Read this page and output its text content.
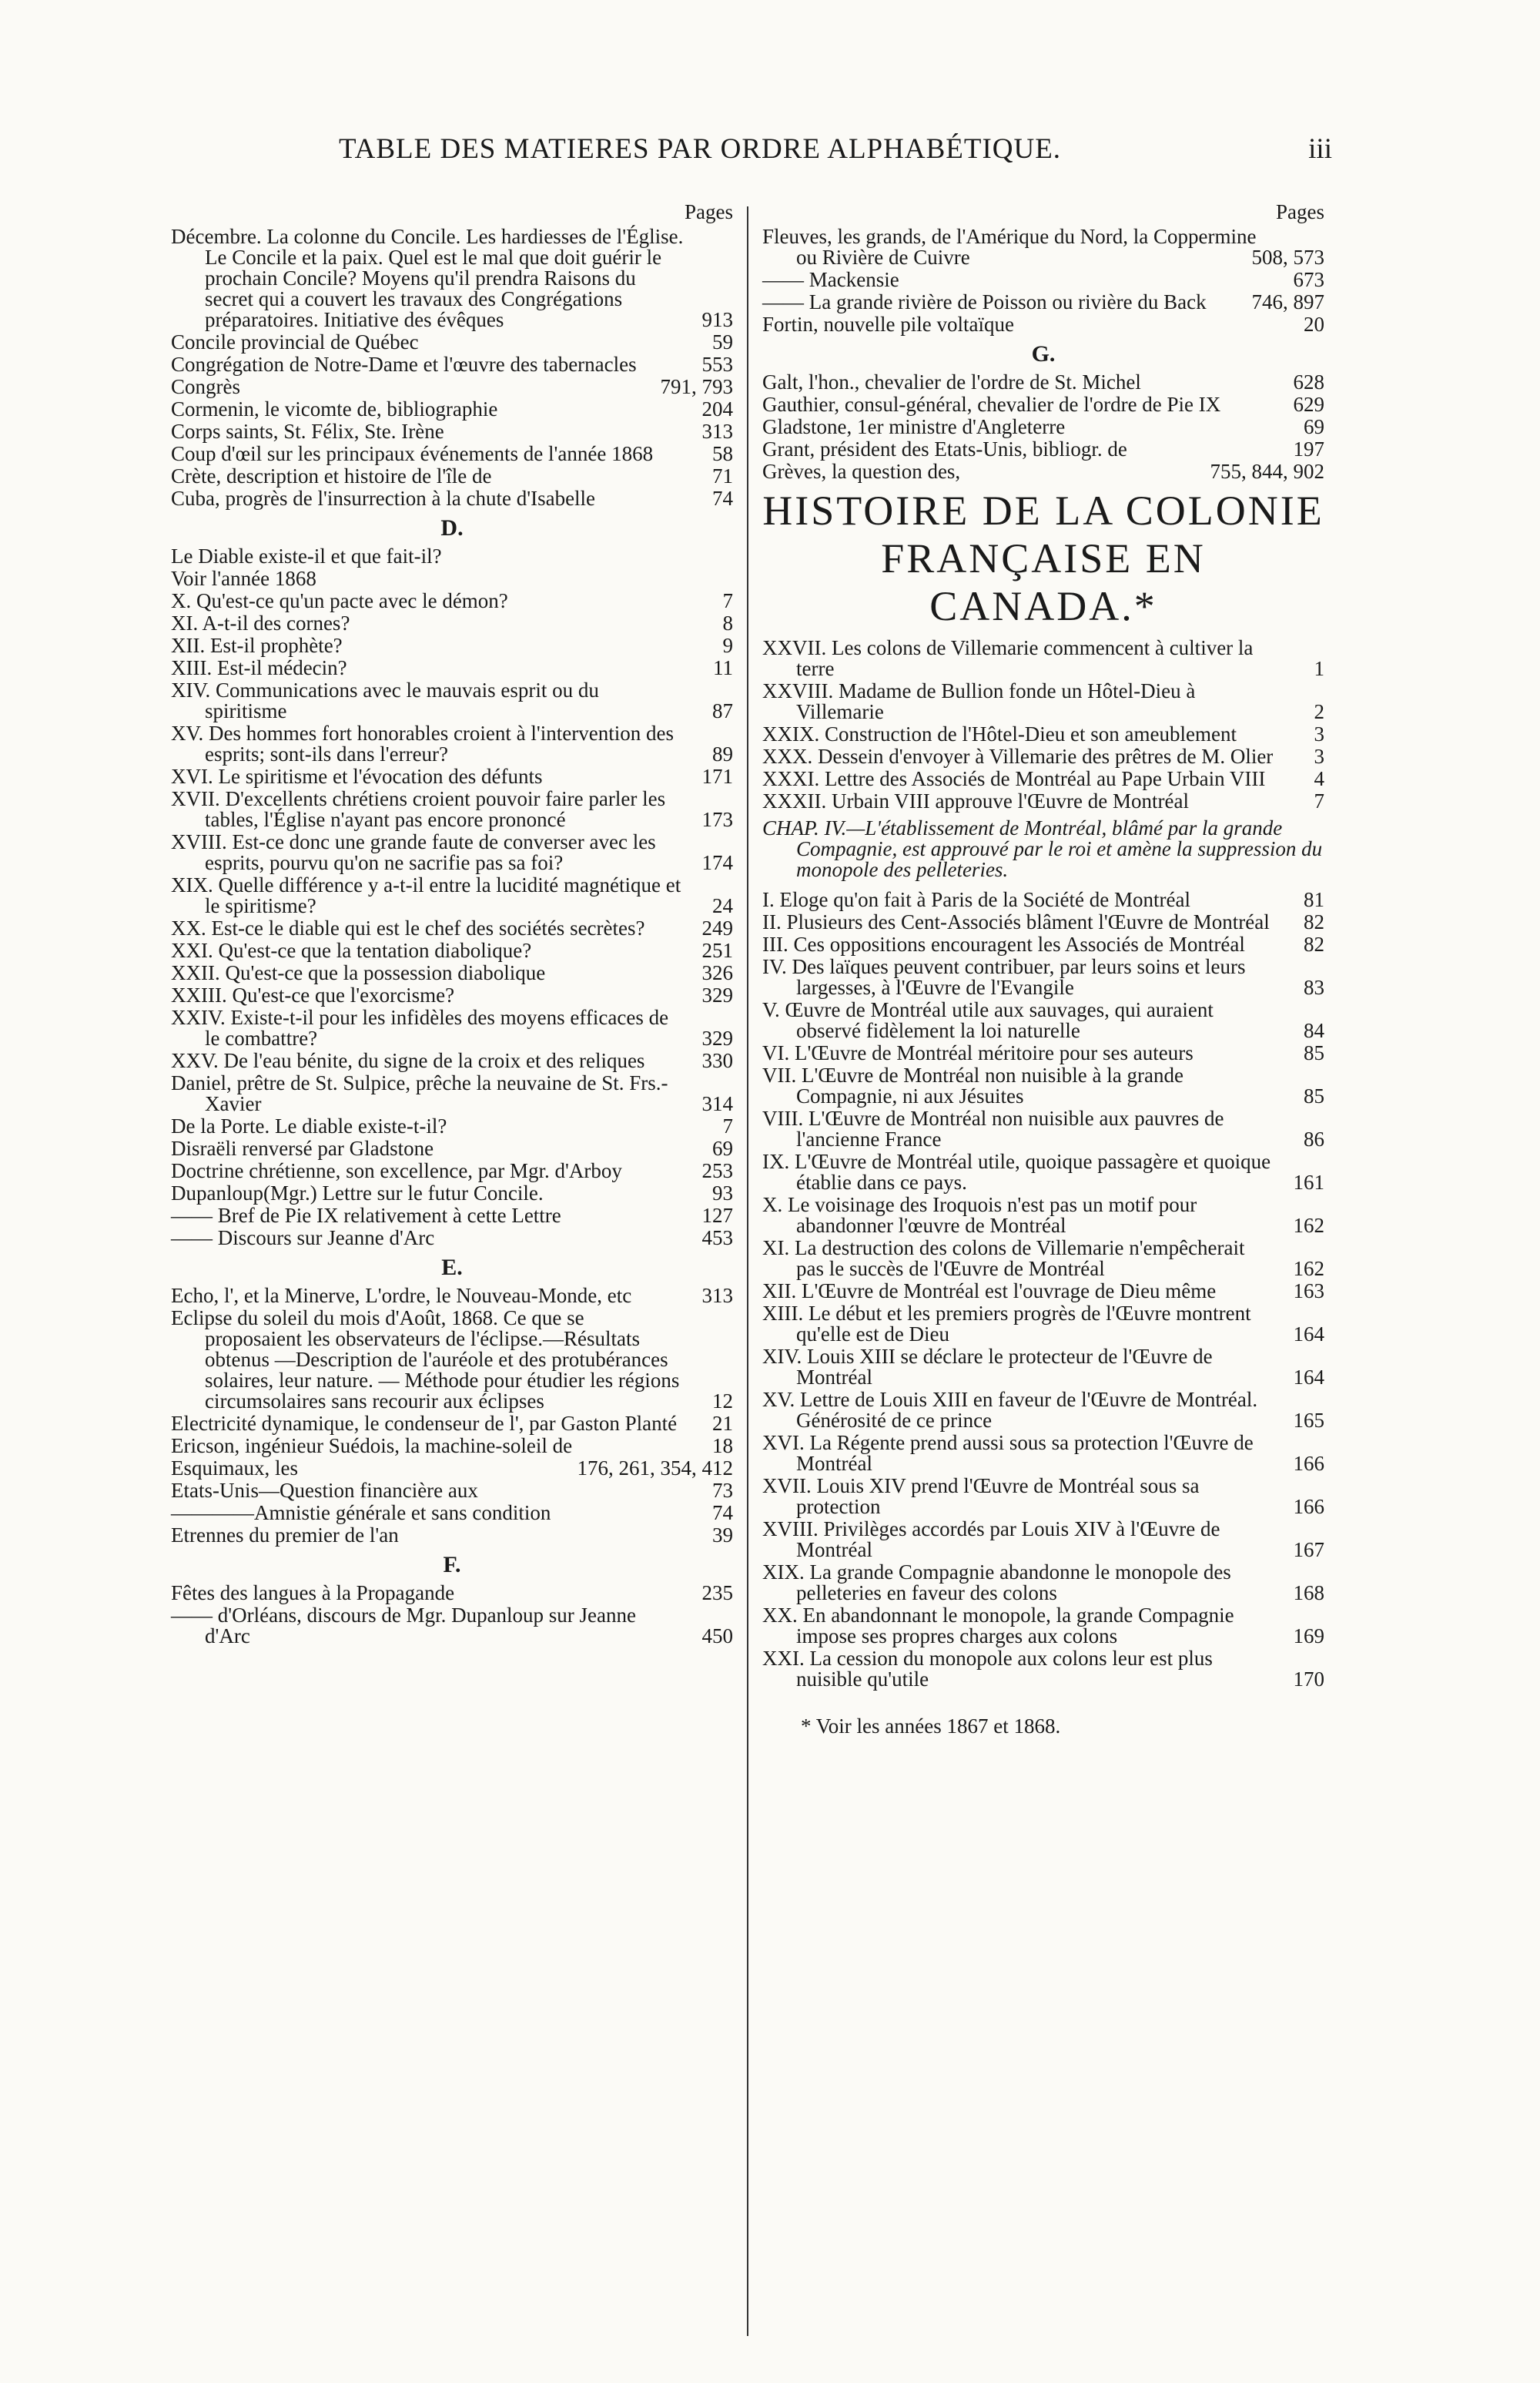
TABLE DES MATIERES PAR ORDRE ALPHABÉTIQUE.	iii
Pages
Décembre. La colonne du Concile. Les hardiesses de l'Église. Le Concile et la paix. Quel est le mal que doit guérir le prochain Concile? Moyens qu'il prendra Raisons du secret qui a couvert les travaux des Congrégations préparatoires. Initiative des évêques	913
Concile provincial de Québec	59
Congrégation de Notre-Dame et l'œuvre des tabernacles	553
Congrès	791, 793
Cormenin, le vicomte de, bibliographie	204
Corps saints, St. Félix, Ste. Irène	313
Coup d'œil sur les principaux événements de l'année 1868	58
Crète, description et histoire de l'île de	71
Cuba, progrès de l'insurrection à la chute d'Isabelle	74
D.
Le Diable existe-il et que fait-il?
Voir l'année 1868
X. Qu'est-ce qu'un pacte avec le démon?	7
XI. A-t-il des cornes?	8
XII. Est-il prophète?	9
XIII. Est-il médecin?	11
XIV. Communications avec le mauvais esprit ou du spiritisme	87
XV. Des hommes fort honorables croient à l'intervention des esprits; sont-ils dans l'erreur?	89
XVI. Le spiritisme et l'évocation des défunts	171
XVII. D'excellents chrétiens croient pouvoir faire parler les tables, l'Église n'ayant pas encore prononcé	173
XVIII. Est-ce donc une grande faute de converser avec les esprits, pourvu qu'on ne sacrifie pas sa foi?	174
XIX. Quelle différence y a-t-il entre la lucidité magnétique et le spiritisme?	24
XX. Est-ce le diable qui est le chef des sociétés secrètes?	249
XXI. Qu'est-ce que la tentation diabolique?	251
XXII. Qu'est-ce que la possession diabolique	326
XXIII. Qu'est-ce que l'exorcisme?	329
XXIV. Existe-t-il pour les infidèles des moyens efficaces de le combattre?	329
XXV. De l'eau bénite, du signe de la croix et des reliques	330
Daniel, prêtre de St. Sulpice, prêche la neuvaine de St. Frs.-Xavier	314
De la Porte. Le diable existe-t-il?	7
Disraëli renversé par Gladstone	69
Doctrine chrétienne, son excellence, par Mgr. d'Arboy	253
Dupanloup(Mgr.) Lettre sur le futur Concile.	93
—— Bref de Pie IX relativement à cette Lettre	127
—— Discours sur Jeanne d'Arc	453
E.
Echo, l', et la Minerve, L'ordre, le Nouveau-Monde, etc	313
Eclipse du soleil du mois d'Août, 1868. Ce que se proposaient les observateurs de l'éclipse.—Résultats obtenus —Description de l'auréole et des protubérances solaires, leur nature. — Méthode pour étudier les régions circumsolaires sans recourir aux éclipses	12
Electricité dynamique, le condenseur de l', par Gaston Planté	21
Ericson, ingénieur Suédois, la machine-soleil de	18
Esquimaux, les	176, 261, 354, 412
Etats-Unis—Question financière aux	73
————Amnistie générale et sans condition	74
Etrennes du premier de l'an	39
F.
Fêtes des langues à la Propagande	235
—— d'Orléans, discours de Mgr. Dupanloup sur Jeanne d'Arc	450
Pages
Fleuves, les grands, de l'Amérique du Nord, la Coppermine ou Rivière de Cuivre	508, 573
—— Mackensie	673
—— La grande rivière de Poisson ou rivière du Back	746, 897
Fortin, nouvelle pile voltaïque	20
G.
Galt, l'hon., chevalier de l'ordre de St. Michel	628
Gauthier, consul-général, chevalier de l'ordre de Pie IX	629
Gladstone, 1er ministre d'Angleterre	69
Grant, président des Etats-Unis, bibliogr. de	197
Grèves, la question des,	755, 844, 902
HISTOIRE DE LA COLONIE
FRANÇAISE EN CANADA.*
XXVII. Les colons de Villemarie commencent à cultiver la terre	1
XXVIII. Madame de Bullion fonde un Hôtel-Dieu à Villemarie	2
XXIX. Construction de l'Hôtel-Dieu et son ameublement	3
XXX. Dessein d'envoyer à Villemarie des prêtres de M. Olier	3
XXXI. Lettre des Associés de Montréal au Pape Urbain VIII	4
XXXII. Urbain VIII approuve l'Œuvre de Montréal	7
CHAP. IV.—L'établissement de Montréal, blâmé par la grande Compagnie, est approuvé par le roi et amène la suppression du monopole des pelleteries.
I. Eloge qu'on fait à Paris de la Société de Montréal	81
II. Plusieurs des Cent-Associés blâment l'Œuvre de Montréal	82
III. Ces oppositions encouragent les Associés de Montréal	82
IV. Des laïques peuvent contribuer, par leurs soins et leurs largesses, à l'Œuvre de l'Evangile	83
V. Œuvre de Montréal utile aux sauvages, qui auraient observé fidèlement la loi naturelle	84
VI. L'Œuvre de Montréal méritoire pour ses auteurs	85
VII. L'Œuvre de Montréal non nuisible à la grande Compagnie, ni aux Jésuites	85
VIII. L'Œuvre de Montréal non nuisible aux pauvres de l'ancienne France	86
IX. L'Œuvre de Montréal utile, quoique passagère et quoique établie dans ce pays.	161
X. Le voisinage des Iroquois n'est pas un motif pour abandonner l'œuvre de Montréal	162
XI. La destruction des colons de Villemarie n'empêcherait pas le succès de l'Œuvre de Montréal	162
XII. L'Œuvre de Montréal est l'ouvrage de Dieu même	163
XIII. Le début et les premiers progrès de l'Œuvre montrent qu'elle est de Dieu	164
XIV. Louis XIII se déclare le protecteur de l'Œuvre de Montréal	164
XV. Lettre de Louis XIII en faveur de l'Œuvre de Montréal. Générosité de ce prince	165
XVI. La Régente prend aussi sous sa protection l'Œuvre de Montréal	166
XVII. Louis XIV prend l'Œuvre de Montréal sous sa protection	166
XVIII. Privilèges accordés par Louis XIV à l'Œuvre de Montréal	167
XIX. La grande Compagnie abandonne le monopole des pelleteries en faveur des colons	168
XX. En abandonnant le monopole, la grande Compagnie impose ses propres charges aux colons	169
XXI. La cession du monopole aux colons leur est plus nuisible qu'utile	170
* Voir les années 1867 et 1868.
